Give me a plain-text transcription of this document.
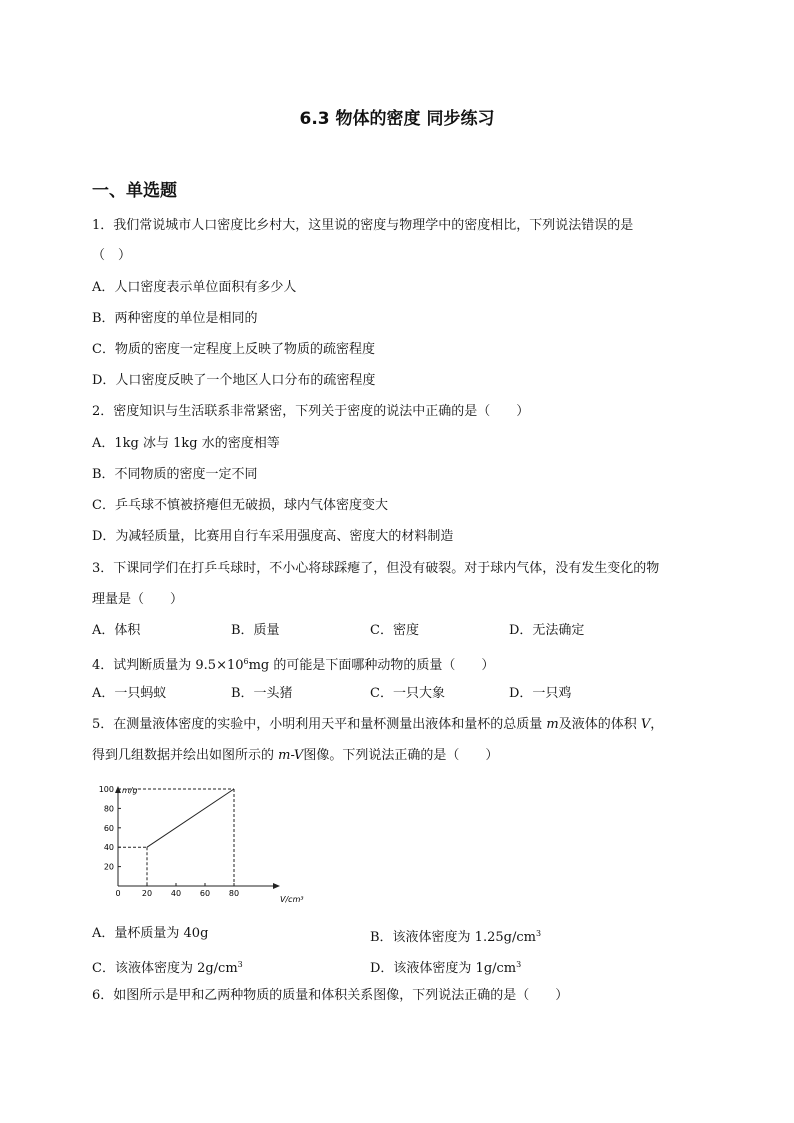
6.3 物体的密度 同步练习
一、单选题
1．我们常说城市人口密度比乡村大，这里说的密度与物理学中的密度相比，下列说法错误的是
（　）
A．人口密度表示单位面积有多少人
B．两种密度的单位是相同的
C．物质的密度一定程度上反映了物质的疏密程度
D．人口密度反映了一个地区人口分布的疏密程度
2．密度知识与生活联系非常紧密，下列关于密度的说法中正确的是（　　）
A．1kg 冰与 1kg 水的密度相等
B．不同物质的密度一定不同
C．乒乓球不慎被挤瘪但无破损，球内气体密度变大
D．为减轻质量，比赛用自行车采用强度高、密度大的材料制造
3．下课同学们在打乒乓球时，不小心将球踩瘪了，但没有破裂。对于球内气体，没有发生变化的物
理量是（　　）
A．体积	B．质量	C．密度	D．无法确定
4．试判断质量为 $9.5\times 10^6mg$ 的可能是下面哪种动物的质量（　　）
A．一只蚂蚁	B．一头猪	C．一只大象	D．一只鸡
5．在测量液体密度的实验中，小明利用天平和量杯测量出液体和量杯的总质量 m及液体的体积 V，
得到几组数据并绘出如图所示的 m-V图像。下列说法正确的是（　　）
m/g
V/cm³
0	20 40 60 80
20
40
60
80
100
A．量杯质量为 40g	B．该液体密度为 $1.25g/cm^3$
C．该液体密度为 $2g/cm^3$	D．该液体密度为 $1g/cm^3$
6．如图所示是甲和乙两种物质的质量和体积关系图像，下列说法正确的是（　　）
